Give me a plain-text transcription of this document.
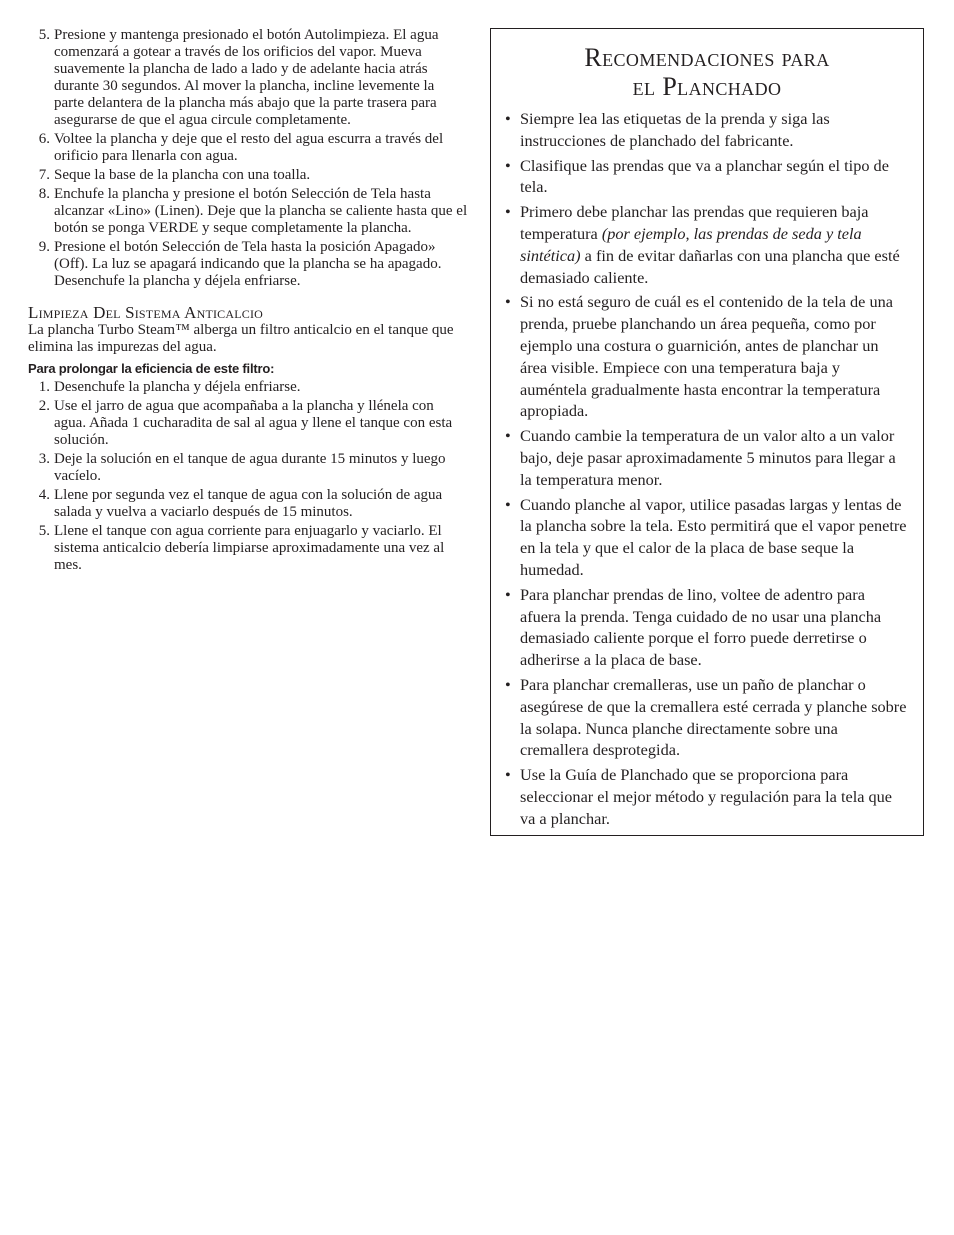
5. Presione y mantenga presionado el botón Autolimpieza. El agua comenzará a gotear a través de los orificios del vapor. Mueva suavemente la plancha de lado a lado y de adelante hacia atrás durante 30 segundos. Al mover la plancha, incline levemente la parte delantera de la plancha más abajo que la parte trasera para asegurarse de que el agua circule completamente.
6. Voltee la plancha y deje que el resto del agua escurra a través del orificio para llenarla con agua.
7. Seque la base de la plancha con una toalla.
8. Enchufe la plancha y presione el botón Selección de Tela hasta alcanzar «Lino» (Linen). Deje que la plancha se caliente hasta que el botón se ponga VERDE y seque completamente la plancha.
9. Presione el botón Selección de Tela hasta la posición Apagado» (Off). La luz se apagará indicando que la plancha se ha apagado. Desenchufe la plancha y déjela enfriarse.
Limpieza Del Sistema Anticalcio

La plancha Turbo Steam™ alberga un filtro anticalcio en el tanque que elimina las impurezas del agua.

Para prolongar la eficiencia de este filtro:
1. Desenchufe la plancha y déjela enfriarse.
2. Use el jarro de agua que acompañaba a la plancha y llénela con agua. Añada 1 cucharadita de sal al agua y llene el tanque con esta solución.
3. Deje la solución en el tanque de agua durante 15 minutos y luego vacíelo.
4. Llene por segunda vez el tanque de agua con la solución de agua salada y vuelva a vaciarlo después de 15 minutos.
5. Llene el tanque con agua corriente para enjuagarlo y vaciarlo. El sistema anticalcio debería limpiarse aproximadamente una vez al mes.
Recomendaciones para
el Planchado
• Siempre lea las etiquetas de la prenda y siga las instrucciones de planchado del fabricante.
• Clasifique las prendas que va a planchar según el tipo de tela.
• Primero debe planchar las prendas que requieren baja temperatura (por ejemplo, las prendas de seda y tela sintética) a fin de evitar dañarlas con una plancha que esté demasiado caliente.
• Si no está seguro de cuál es el contenido de la tela de una prenda, pruebe planchando un área pequeña, como por ejemplo una costura o guarnición, antes de planchar un área visible. Empiece con una temperatura baja y auméntela gradualmente hasta encontrar la temperatura apropiada.
• Cuando cambie la temperatura de un valor alto a un valor bajo, deje pasar aproximadamente 5 minutos para llegar a la temperatura menor.
• Cuando planche al vapor, utilice pasadas largas y lentas de la plancha sobre la tela. Esto permitirá que el vapor penetre en la tela y que el calor de la placa de base seque la humedad.
• Para planchar prendas de lino, voltee de adentro para afuera la prenda. Tenga cuidado de no usar una plancha demasiado caliente porque el forro puede derretirse o adherirse a la placa de base.
• Para planchar cremalleras, use un paño de planchar o asegúrese de que la cremallera esté cerrada y planche sobre la solapa. Nunca planche directamente sobre una cremallera desprotegida.
• Use la Guía de Planchado que se proporciona para seleccionar el mejor método y regulación para la tela que va a planchar.
